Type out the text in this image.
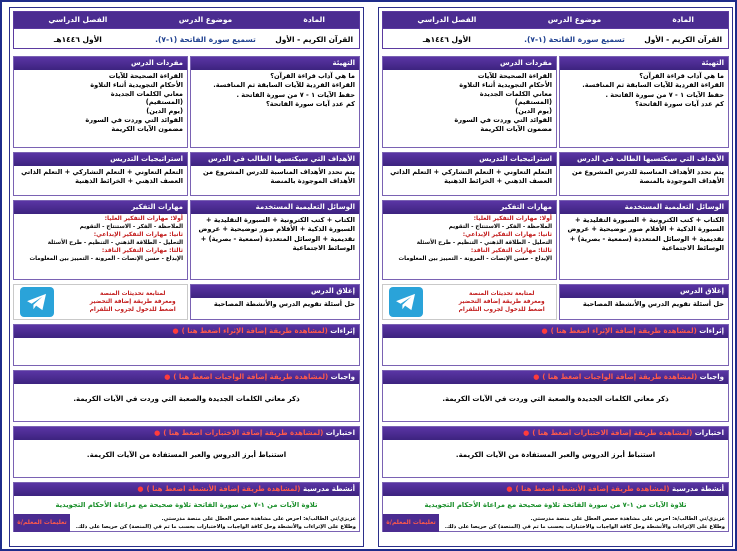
المادة
موضوع الدرس
الفصل الدراسي
القرآن الكريم - الأول
تسميع سورة الفاتحة (١-٧).
الأول ١٤٤٦هـ
التهيئة
ما هي آداب قراءة القرآن؟
القراءة الفردية للآيات السابقة ثم المنافسة.
حفظ الآيات ١ - ٧ من سورة الفاتحة .
كم عدد آيات سورة الفاتحة؟
مفردات الدرس
القراءة الصحيحة للآيات
الأحكام التجويدية أثناء التلاوة
معاني الكلمات الجديدة
(المستقيم)
(يوم الدين)
الفوائد التي وردت في السورة
مضمون الآيات الكريمة
الأهداف التي سيكتسبها الطالب في الدرس
يتم تحدد الأهداف المناسبة للدرس المشروع من الأهداف الموجودة بالمنصة
استراتيجيات التدريس
التعلم التعاوني + التعلم التشاركي + التعلم الذاتي
العصف الذهني + الخرائط الذهنية
الوسائل التعليمية المستخدمة
الكتاب + كتب الكترونية + السبورة التقليدية + السبورة الذكية + الأقلام صور توضيحية + عروض تقديمية + الوسائل المتعددة (سمعية - بصرية) + الوسائط الاجتماعية
مهارات التفكير
أولا: مهارات التفكير العليا:
الملاحظة - الفكر - الاستنتاج - التقويم
ثانيا: مهارات التفكير الإبداعي:
التحليل - الطلاقة الذهني - التنظيم - طرح الأسئلة
ثالثا: مهارات التفكير الناقد:
الإبداع - حسن الإنصات - المرونة - التمييز بين المعلومات
إغلاق الدرس
حل أسئلة تقويم الدرس والأنشطة المصاحبة
لمتابعة تحديثات المنصة
ومعرفة طريقة إضافة التحضير
اضغط للدخول لجروب التلقرام
إثراءات (لمشاهدة طريقة إضافة الإثراء اضغط هنا )●
واجبات (لمشاهدة طريقة إضافة الواجبات اضغط هنا )●
ذكر معاني الكلمات الجديدة والصعبة التي وردت في الآيات الكريمة.
اختبارات (لمشاهدة طريقة إضافة الاختبارات اضغط هنا )●
استنباط أبرز الدروس والعبر المستفادة من الآيات الكريمة.
أنشطة مدرسية (لمشاهدة طريقة إضافة الأنشطة اضغط هنا )●
تلاوة الآيات من ١-٧ من سورة الفاتحة تلاوة صحيحة مع مراعاة الأحكام التجويدية
عزيزي/تي الطالب/ة: احرص على مشاهدة حصص العطل على منصة مدرستي.
وطلاع على الإثراءات والأنشطة وحل كافة الواجبات والاختبارات بحسب ما تم في (المنصة) كن حريصا على ذلك.
تعليمات المعلم/ة
المادة
موضوع الدرس
الفصل الدراسي
القرآن الكريم - الأول
تسميع سورة الفاتحة (١-٧).
الأول ١٤٤٦هـ
التهيئة
ما هي آداب قراءة القرآن؟
القراءة الفردية للآيات السابقة ثم المنافسة.
حفظ الآيات ١ - ٧ من سورة الفاتحة .
كم عدد آيات سورة الفاتحة؟
مفردات الدرس
القراءة الصحيحة للآيات
الأحكام التجويدية أثناء التلاوة
معاني الكلمات الجديدة
(المستقيم)
(يوم الدين)
الفوائد التي وردت في السورة
مضمون الآيات الكريمة
الأهداف التي سيكتسبها الطالب في الدرس
يتم تحدد الأهداف المناسبة للدرس المشروع من الأهداف الموجودة بالمنصة
استراتيجيات التدريس
التعلم التعاوني + التعلم التشاركي + التعلم الذاتي
العصف الذهني + الخرائط الذهنية
الوسائل التعليمية المستخدمة
الكتاب + كتب الكترونية + السبورة التقليدية + السبورة الذكية + الأقلام صور توضيحية + عروض تقديمية + الوسائل المتعددة (سمعية - بصرية) + الوسائط الاجتماعية
مهارات التفكير
أولا: مهارات التفكير العليا:
الملاحظة - الفكر - الاستنتاج - التقويم
ثانيا: مهارات التفكير الإبداعي:
التحليل - الطلاقة الذهني - التنظيم - طرح الأسئلة
ثالثا: مهارات التفكير الناقد:
الإبداع - حسن الإنصات - المرونة - التمييز بين المعلومات
إغلاق الدرس
حل أسئلة تقويم الدرس والأنشطة المصاحبة
لمتابعة تحديثات المنصة
ومعرفة طريقة إضافة التحضير
اضغط للدخول لجروب التلقرام
إثراءات (لمشاهدة طريقة إضافة الإثراء اضغط هنا )●
واجبات (لمشاهدة طريقة إضافة الواجبات اضغط هنا )●
ذكر معاني الكلمات الجديدة والصعبة التي وردت في الآيات الكريمة.
اختبارات (لمشاهدة طريقة إضافة الاختبارات اضغط هنا )●
استنباط أبرز الدروس والعبر المستفادة من الآيات الكريمة.
أنشطة مدرسية (لمشاهدة طريقة إضافة الأنشطة اضغط هنا )●
تلاوة الآيات من ١-٧ من سورة الفاتحة تلاوة صحيحة مع مراعاة الأحكام التجويدية
عزيزي/تي الطالب/ة: احرص على مشاهدة حصص العطل على منصة مدرستي.
وطلاع على الإثراءات والأنشطة وحل كافة الواجبات والاختبارات بحسب ما تم في (المنصة) كن حريصا على ذلك.
تعليمات المعلم/ة
